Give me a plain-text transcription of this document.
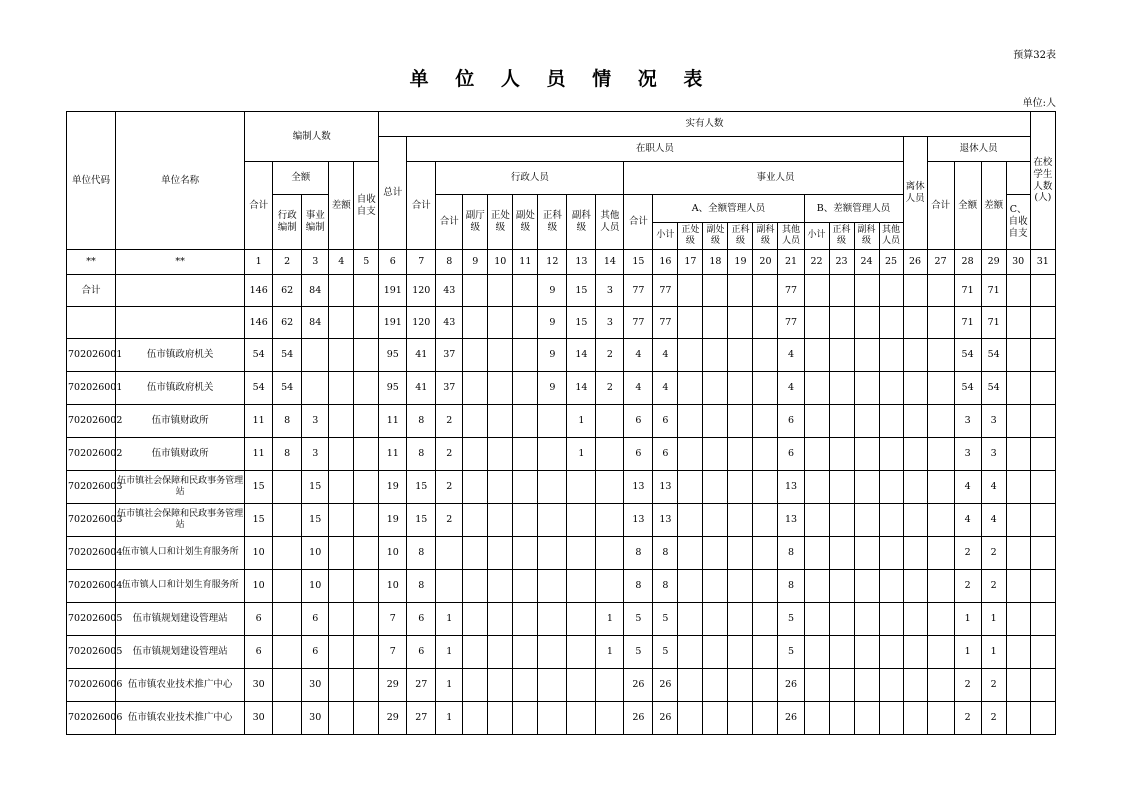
预算32表
单 位 人 员 情 况 表
单位:人
单位代码	单位名称	编制人数					实有人数																									在校学生人数(人)
							总计	在职人员																			离休人员	退休人员				
		合计	全额		差额	自收自支		合计	行政人员							事业人员												合计	全额	差额		
			行政编制	事业编制					合计	副厅级	正处级	副处级	正科级	副科级	其他人员	合计	A、全额管理人员						B、差额管理人员								C、自收自支	
																	小计	正处级	副处级	正科级	副科级	其他人员	小计	正科级	副科级	其他人员						
**	**	1	2	3	4	5	6	7	8	9	10	11	12	13	14	15	16	17	18	19	20	21	22	23	24	25	26	27	28	29	30	31
合计		146	62	84			191	120	43				9	15	3	77	77					77							71	71		
		146	62	84			191	120	43				9	15	3	77	77					77							71	71		
702026001	伍市镇政府机关	54	54				95	41	37				9	14	2	4	4					4							54	54		
702026001	伍市镇政府机关	54	54				95	41	37				9	14	2	4	4					4							54	54		
702026002	伍市镇财政所	11	8	3			11	8	2					1		6	6					6							3	3		
702026002	伍市镇财政所	11	8	3			11	8	2					1		6	6					6							3	3		
702026003	伍市镇社会保障和民政事务管理站	15		15			19	15	2							13	13					13							4	4		
702026003	伍市镇社会保障和民政事务管理站	15		15			19	15	2							13	13					13							4	4		
702026004	伍市镇人口和计划生育服务所	10		10			10	8								8	8					8							2	2		
702026004	伍市镇人口和计划生育服务所	10		10			10	8								8	8					8							2	2		
702026005	伍市镇规划建设管理站	6		6			7	6	1						1	5	5					5							1	1		
702026005	伍市镇规划建设管理站	6		6			7	6	1						1	5	5					5							1	1		
702026006	伍市镇农业技术推广中心	30		30			29	27	1							26	26					26							2	2		
702026006	伍市镇农业技术推广中心	30		30			29	27	1							26	26					26							2	2		
